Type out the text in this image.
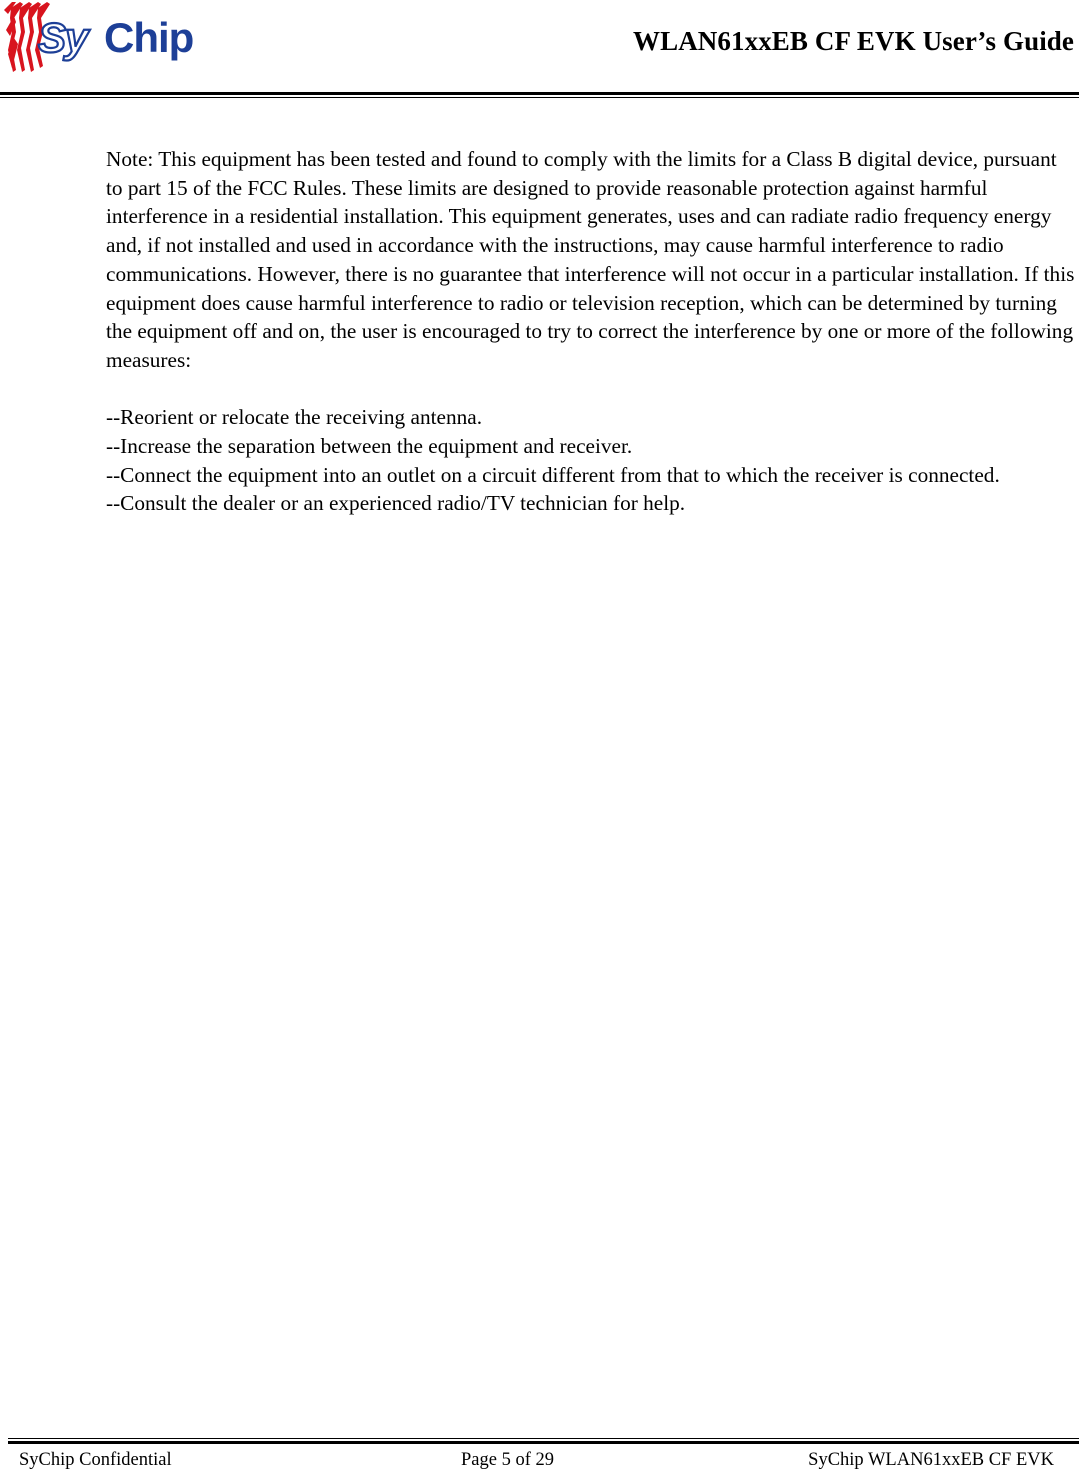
Sy Chip	WLAN61xxEB CF EVK User’s Guide

Note: This equipment has been tested and found to comply with the limits for a Class B digital device, pursuant to part 15 of the FCC Rules. These limits are designed to provide reasonable protection against harmful interference in a residential installation. This equipment generates, uses and can radiate radio frequency energy and, if not installed and used in accordance with the instructions, may cause harmful interference to radio communications. However, there is no guarantee that interference will not occur in a particular installation. If this equipment does cause harmful interference to radio or television reception, which can be determined by turning the equipment off and on, the user is encouraged to try to correct the interference by one or more of the following measures:

--Reorient or relocate the receiving antenna.

--Increase the separation between the equipment and receiver.

--Connect the equipment into an outlet on a circuit different from that to which the receiver is connected.

--Consult the dealer or an experienced radio/TV technician for help.

SyChip Confidential	Page 5 of 29	SyChip WLAN61xxEB CF EVK
